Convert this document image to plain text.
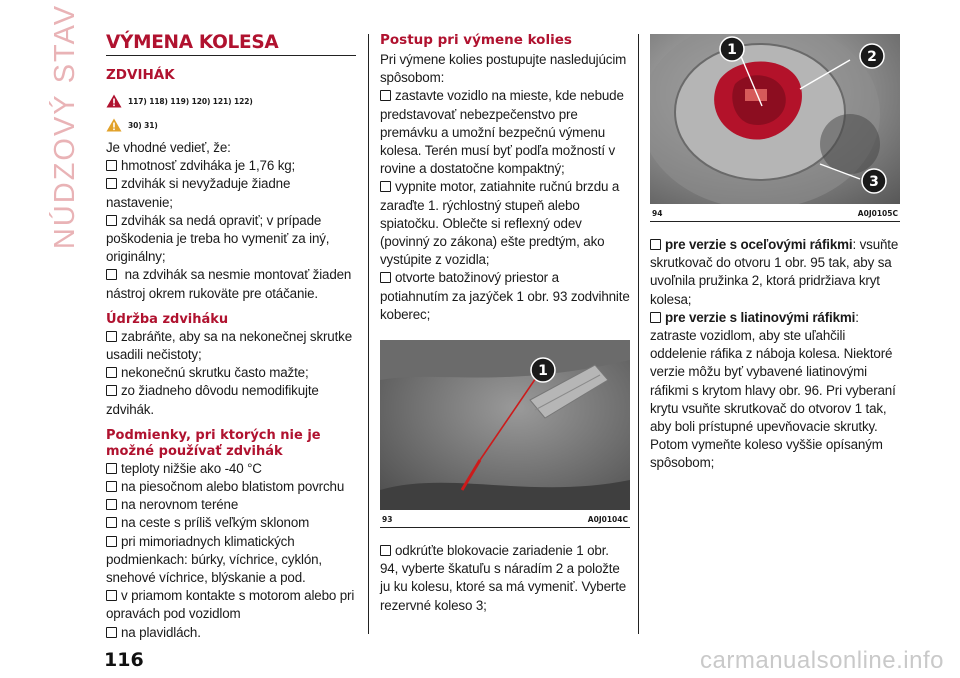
NÚDZOVÝ STAV VÝMENA KOLESA
ZDVIHÁK
117) 118) 119) 120) 121) 122)
30) 31)

Je vhodné vedieť, že:

hmotnosť zdviháka je 1,76 kg;
zdvihák si nevyžaduje žiadne nastavenie;
zdvihák sa nedá opraviť; v prípade poškodenia je treba ho vymeniť za iný, originálny;
na zdvihák sa nesmie montovať žiaden nástroj okrem rukoväte pre otáčanie.
Údržba zdviháku
zabráňte, aby sa na nekonečnej skrutke usadili nečistoty;
nekonečnú skrutku často mažte;
zo žiadneho dôvodu nemodifikujte zdvihák.
Podmienky, pri ktorých nie je možné používať zdvihák
teploty nižšie ako -40 °C
na piesočnom alebo blatistom povrchu
na nerovnom teréne
na ceste s príliš veľkým sklonom
pri mimoriadnych klimatických podmienkach: búrky, víchrice, cyklón, snehové víchrice, blýskanie a pod.
v priamom kontakte s motorom alebo pri opravách pod vozidlom
na plavidlách.
Postup pri výmene kolies

Pri výmene kolies postupujte nasledujúcim spôsobom:

zastavte vozidlo na mieste, kde nebude predstavovať nebezpečenstvo pre premávku a umožní bezpečnú výmenu kolesa. Terén musí byť podľa možností v rovine a dostatočne kompaktný;
vypnite motor, zatiahnite ručnú brzdu a zaraďte 1. rýchlostný stupeň alebo spiatočku. Oblečte si reflexný odev (povinný zo zákona) ešte predtým, ako vystúpite z vozidla;
otvorte batožinový priestor a potiahnutím za jazýček 1 obr. 93 zodvihnite koberec;
1
93	A0J0104C
odkrúťte blokovacie zariadenie 1 obr. 94, vyberte škatuľu s náradím 2 a položte ju ku kolesu, ktoré sa má vymeniť. Vyberte rezervné koleso 3;
1	2
3
94	A0J0105C
pre verzie s oceľovými ráfikmi: vsuňte skrutkovač do otvoru 1 obr. 95 tak, aby sa uvoľnila pružinka 2, ktorá pridržiava kryt kolesa;
pre verzie s liatinovými ráfikmi: zatraste vozidlom, aby ste uľahčili oddelenie ráfika z náboja kolesa. Niektoré verzie môžu byť vybavené liatinovými ráfikmi s krytom hlavy obr. 96. Pri vyberaní krytu vsuňte skrutkovač do otvorov 1 tak, aby boli prístupné upevňovacie skrutky. Potom vymeňte koleso vyššie opísaným spôsobom;
116	carmanualsonline.info
